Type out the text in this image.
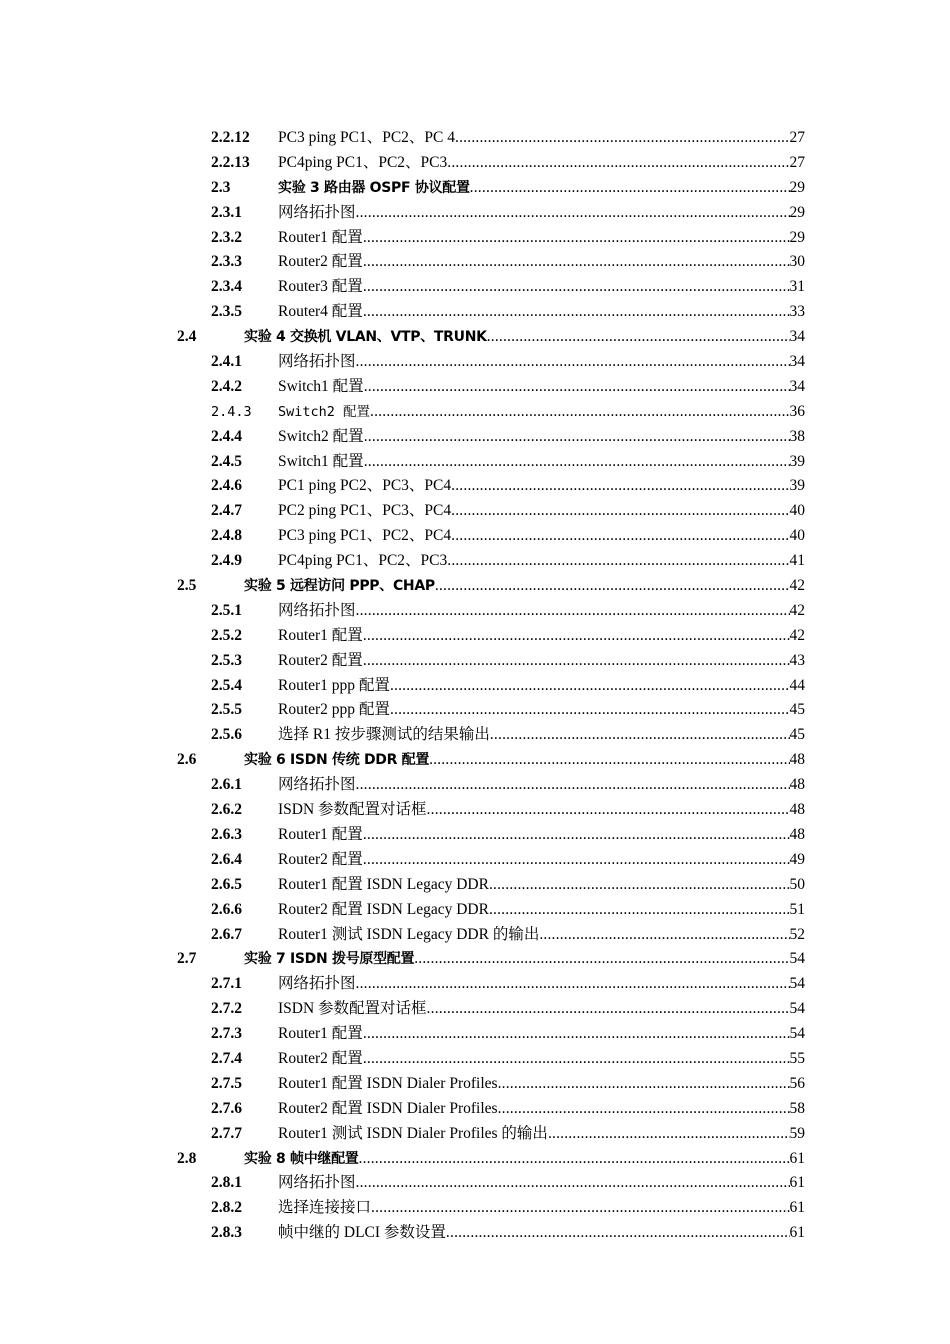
2.2.12 PC3 ping PC1、PC2、PC 4 .....	27
2.2.13 PC4ping PC1、PC2、PC3 .....	27
2.3	实验 3 路由器 OSPF 协议配置 .....	29
2.3.1 网络拓扑图 .....	29
2.3.2 Router1 配置 .....	29
2.3.3 Router2 配置 .....	30
2.3.4 Router3 配置 .....	31
2.3.5 Router4 配置 .....	33
2.4	实验 4 交换机 VLAN、VTP、TRUNK .....	34
2.4.1 网络拓扑图 .....	34
2.4.2 Switch1 配置 .....	34
2.4.3 Switch2 配置 .....	36
2.4.4 Switch2 配置 .....	38
2.4.5 Switch1 配置 .....	39
2.4.6 PC1 ping PC2、PC3、PC4 .....	39
2.4.7 PC2 ping PC1、PC3、PC4 .....	40
2.4.8 PC3 ping PC1、PC2、PC4 .....	40
2.4.9 PC4ping PC1、PC2、PC3 .....	41
2.5	实验 5 远程访问 PPP、CHAP .....	42
2.5.1 网络拓扑图 .....	42
2.5.2 Router1 配置 .....	42
2.5.3 Router2 配置 .....	43
2.5.4 Router1 ppp 配置 .....	44
2.5.5 Router2 ppp 配置 .....	45
2.5.6 选择 R1 按步骤测试的结果输出 .....	45
2.6	实验 6 ISDN 传统 DDR 配置 .....	48
2.6.1 网络拓扑图 .....	48
2.6.2 ISDN 参数配置对话框 .....	48
2.6.3 Router1 配置 .....	48
2.6.4 Router2 配置 .....	49
2.6.5 Router1 配置 ISDN Legacy DDR .....	50
2.6.6 Router2 配置 ISDN Legacy DDR .....	51
2.6.7 Router1 测试 ISDN Legacy DDR 的输出 .....	52
2.7	实验 7 ISDN 拨号原型配置 .....	54
2.7.1 网络拓扑图 .....	54
2.7.2 ISDN 参数配置对话框 .....	54
2.7.3 Router1 配置 .....	54
2.7.4 Router2 配置 .....	55
2.7.5 Router1 配置 ISDN Dialer Profiles .....	56
2.7.6 Router2 配置 ISDN Dialer Profiles .....	58
2.7.7 Router1 测试 ISDN Dialer Profiles 的输出 .....	59
2.8	实验 8 帧中继配置 .....	61
2.8.1 网络拓扑图 .....	61
2.8.2 选择连接接口 .....	61
2.8.3 帧中继的 DLCI 参数设置 .....	61
